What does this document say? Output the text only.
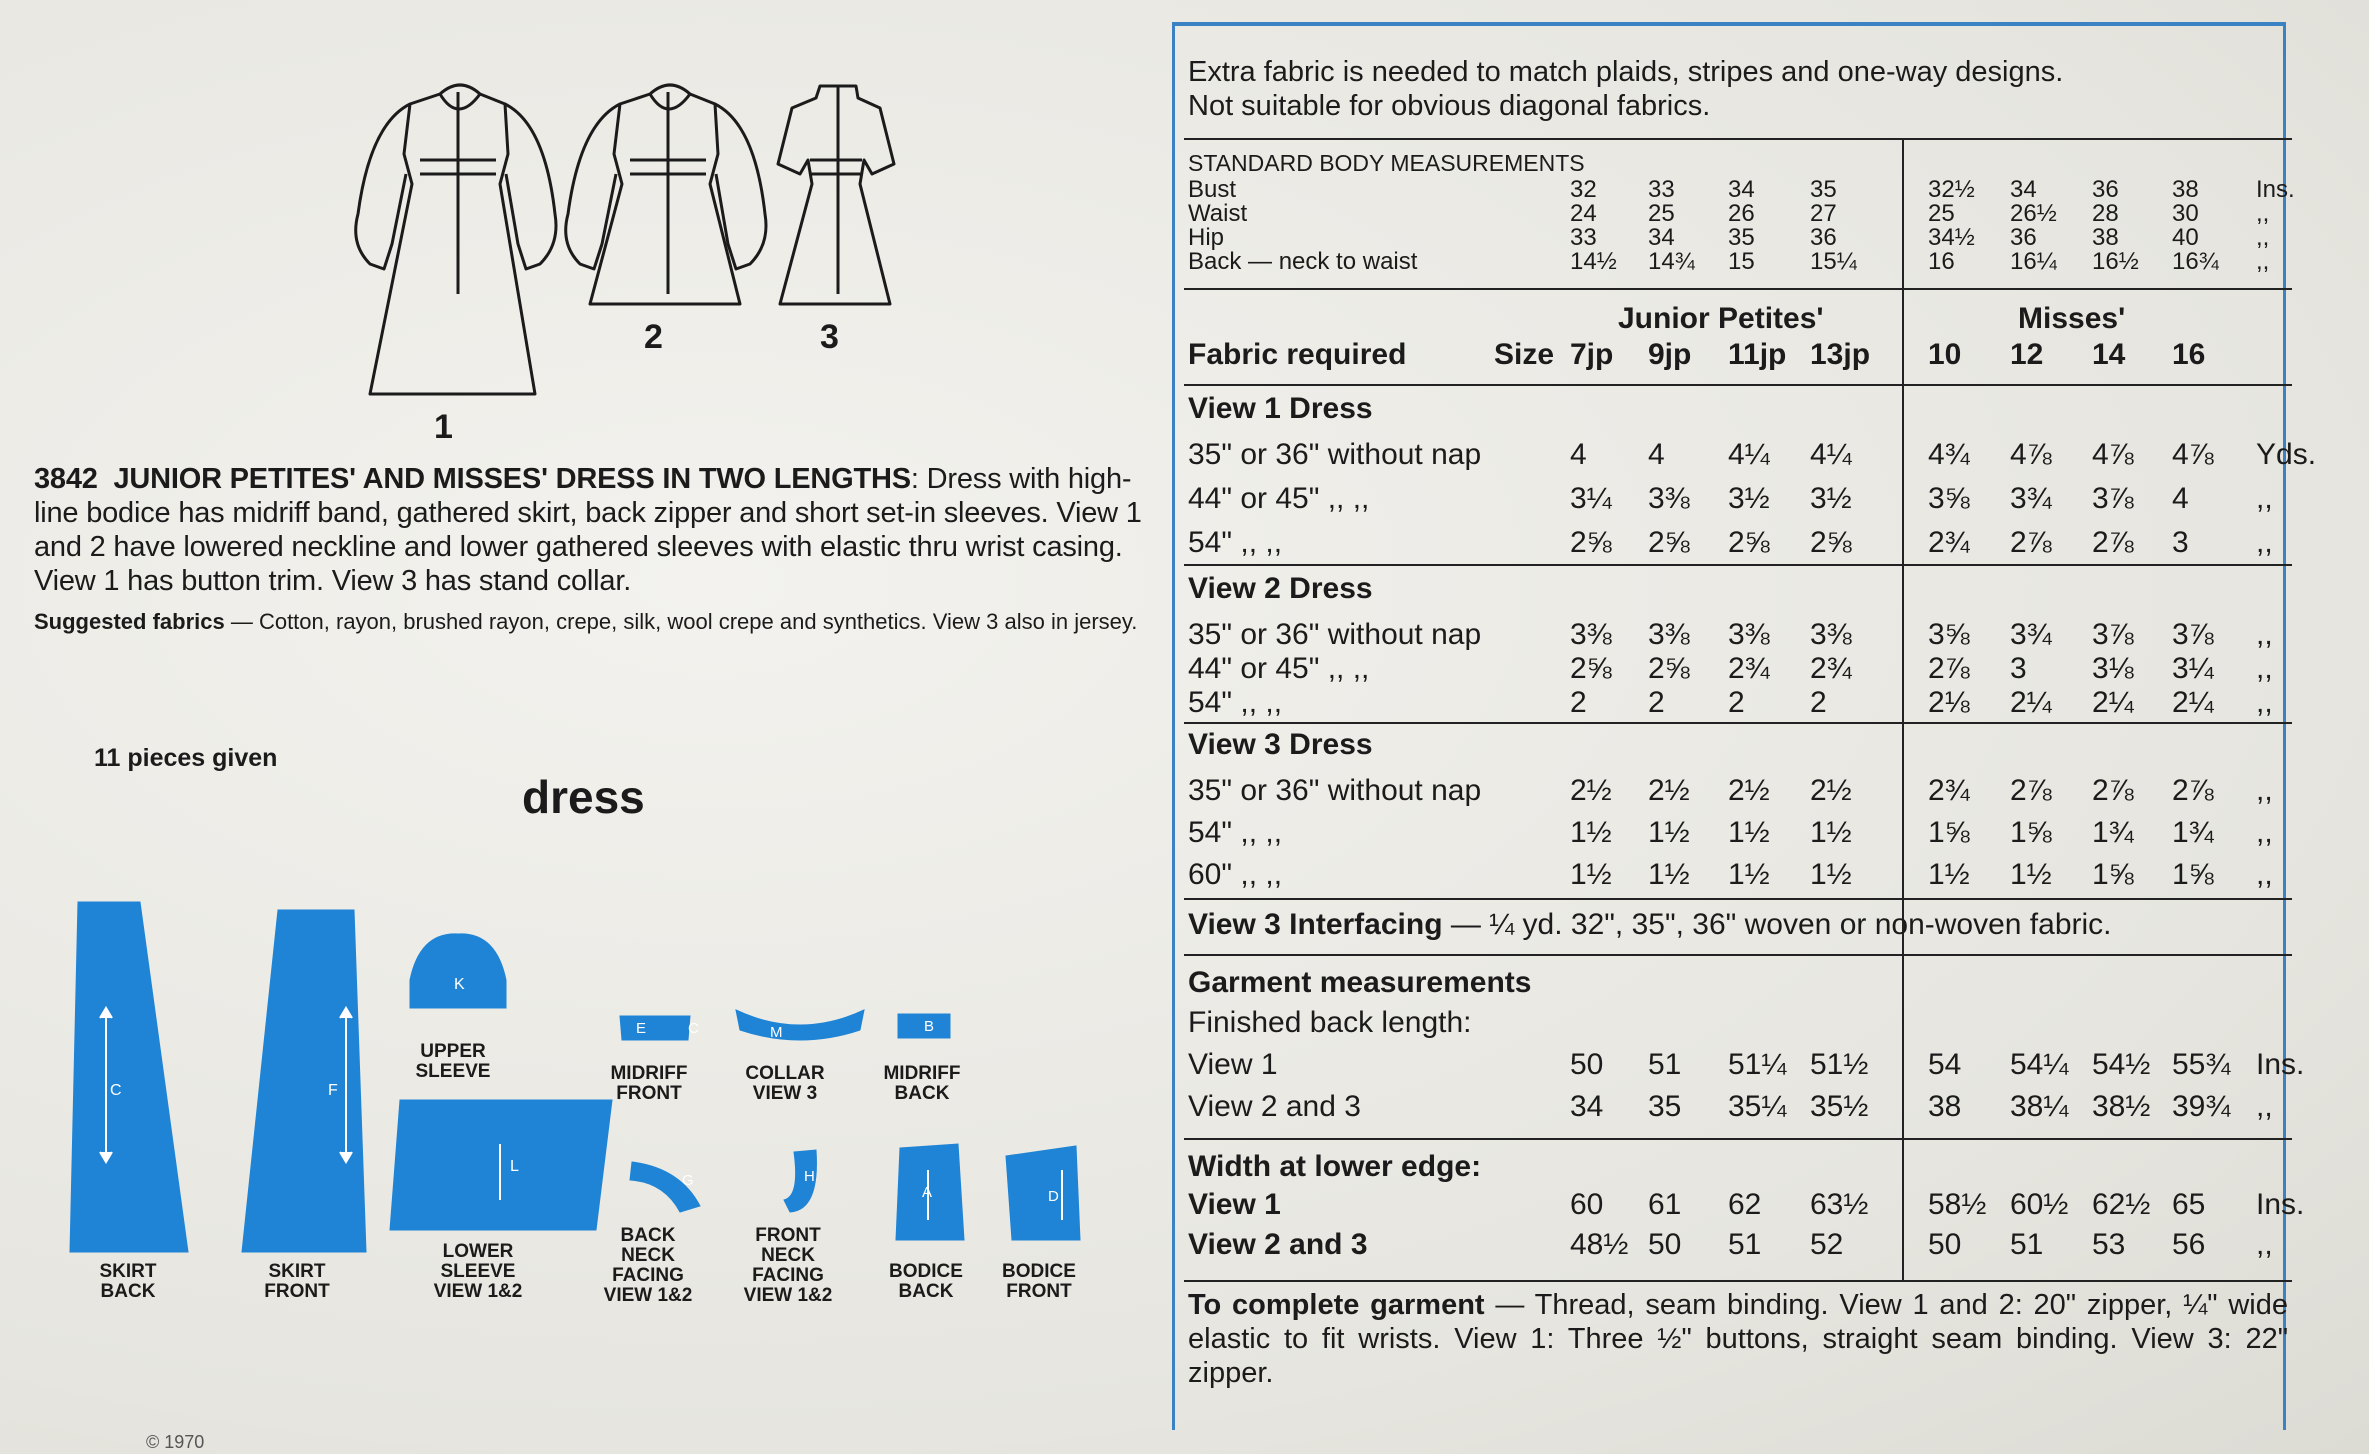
1
2	3
3842 JUNIOR PETITES' AND MISSES' DRESS IN TWO LENGTHS: Dress with high-line bodice has midriff band, gathered skirt, back zipper and short set-in sleeves. View 1 and 2 have lowered neckline and lower gathered sleeves with elastic thru wrist casing. View 1 has button trim. View 3 has stand collar.
Suggested fabrics — Cotton, rayon, brushed rayon, crepe, silk, wool crepe and synthetics. View 3 also in jersey.
11 pieces given
dress
C	F
K
L
E
G
M
H
B
A	D
C
SKIRT BACK
SKIRT FRONT
UPPER SLEEVE
LOWER SLEEVE VIEW 1&2
MIDRIFF FRONT
BACK NECK FACING VIEW 1&2
COLLAR VIEW 3
FRONT NECK FACING VIEW 1&2
MIDRIFF BACK
BODICE BACK
BODICE FRONT
© 1970
Extra fabric is needed to match plaids, stripes and one-way designs.
Not suitable for obvious diagonal fabrics.
STANDARD BODY MEASUREMENTS
Bust	32 33 34 35	32½ 34 36 38 Ins.
Waist	24 25 26 27	25 26½ 28 30 ,,
Hip	33 34 35 36	34½ 36 38 40 ,,
Back — neck to waist	14½ 14¾ 15 15¼	16 16¼ 16½ 16¾ ,,
Junior Petites'	Misses'
Fabric required	Size 7jp 9jp 11jp 13jp 10 12 14 16
View 1 Dress
35" or 36" without nap	4 4 4¼ 4¼	4¾ 4⅞ 4⅞ 4⅞ Yds.
44" or 45" ,, ,,	3¼ 3⅜ 3½ 3½	3⅝ 3¾ 3⅞ 4 ,,
54" ,, ,,	2⅝ 2⅝ 2⅝ 2⅝	2¾ 2⅞ 2⅞ 3 ,,
View 2 Dress
35" or 36" without nap	3⅜ 3⅜ 3⅜ 3⅜	3⅝ 3¾ 3⅞ 3⅞ ,,
44" or 45" ,, ,,	2⅝ 2⅝ 2¾ 2¾	2⅞ 3 3⅛ 3¼ ,,
54" ,, ,,	2 2 2 2	2⅛ 2¼ 2¼ 2¼ ,,
View 3 Dress
35" or 36" without nap	2½ 2½ 2½ 2½	2¾ 2⅞ 2⅞ 2⅞ ,,
54" ,, ,,	1½ 1½ 1½ 1½	1⅝ 1⅝ 1¾ 1¾ ,,
60" ,, ,,	1½ 1½ 1½ 1½	1½ 1½ 1⅝ 1⅝ ,,
View 3 Interfacing — ¼ yd. 32", 35", 36" woven or non-woven fabric.
Garment measurements
Finished back length:
View 1	50 51 51¼ 51½ 54 54¼ 54½ 55¾ Ins.
View 2 and 3	34 35 35¼ 35½ 38 38¼ 38½ 39¾ ,,
Width at lower edge:
View 1	60 61 62 63½ 58½ 60½ 62½ 65 Ins.
View 2 and 3	48½ 50 51 52	50 51 53 56 ,,
To complete garment — Thread, seam binding. View 1 and 2: 20" zipper, ¼" wide elastic to fit wrists. View 1: Three ½" buttons, straight seam binding. View 3: 22" zipper.
